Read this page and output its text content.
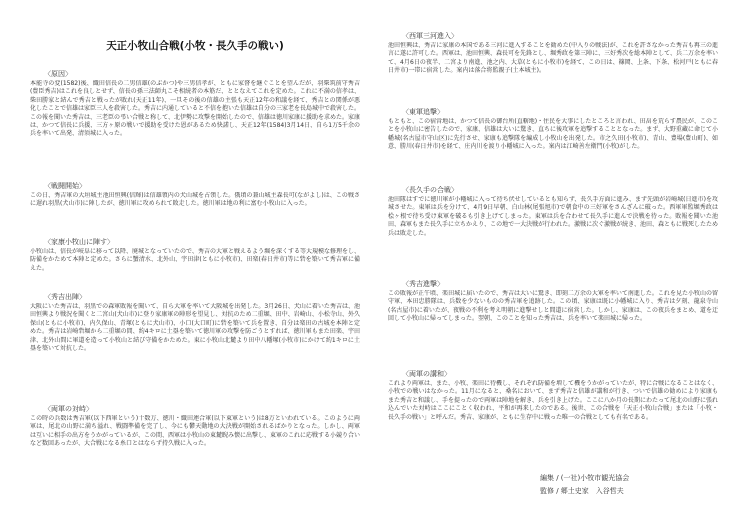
天正小牧山合戦(小牧・長久手の戦い)
〈原因〉
本能寺の変(1582)後、織田信長の二男信雄(のぶかつ)や三男信孝が、ともに家督を継ぐことを望んだが、羽柴筑前守秀吉(豊臣秀吉)はこれを良しとせず、信長の孫三法師丸こそ相続者の本筋だ、ととなえてこれを定めた。これに不満の信孝は、柴田勝家と結んで秀吉と戦ったが敗れ(天正11年)、一旦その後の信雄の主張も天正12年の和議を経て、秀吉との関係が悪化したことで信雄は家臣三人を殺害した。秀吉に内通していると不信を抱いた信雄は自分の三家老を長島城中で殺害した。この報を聞いた秀吉は、三老臣の弔い合戦と称して、北伊勢に攻撃を開始したので、信雄は徳川家康に援助を求めた。家康は、かつて信長に兵援、三方ヶ原の戦いで援助を受けた恩があるため快諾し、天正12年(1584)3月14日、自ら1万5千余の兵を率いて出発、清須城に入った。
〈戦闘開始〉
この日、秀吉軍の大垣城主池田恒興(信輝)は信雄領内の犬山城を占領した。俄頃の兼山城主森長可(ながよし)は、この戦さに遅れ羽黒(犬山市)に陣したが、徳川軍に攻められて敗走した。徳川軍は地の利に富む小牧山に入った。
〈家康小牧山に陣す〉
小牧山は、信長が岐阜に移って以降、廃城となっていたので、秀吉の大軍と戦えるよう堀を深くする等大規模な修理をし、防備をかためて本陣と定めた。さらに蟹清水、北外山、宇田津(ともに小牧市)、田楽(春日井市)等に砦を築いて秀吉軍に備えた。
〈秀吉出陣〉
大阪にいた秀吉は、羽黒での森軍敗報を聞いて、自ら大軍を率いて大阪城を出発した。3月26日、犬山に着いた秀吉は、池田恒興より戦況を聞くと二宮山(犬山市)に登り家康軍の陣形を望見し、対抗のため二重堀、田中、岩崎山、小松寺山、外久保山(ともに小牧市)、内久保山、青塚(ともに犬山市)、小口(大口町)に砦を築いて兵を置き、自分は楽田の古城を本陣と定めた。秀吉は岩崎砦堀から二重堀の間、約4キロに土塁を築いて徳川軍の攻撃を防ごうとすれば、徳川軍もまた田楽、宇田津、北外山間に軍道を造って小牧山と結び守備をかためた。東に小牧山北麓より田中八幡塚(小牧市)にかけて約1キロに土塁を築いて対抗した。
〈両軍の対峙〉
この時の兵数は秀吉軍(以下西軍という)十数万、徳川・織田連合軍(以下東軍という)は8万といわれている。このように両軍は、尾北の山野に満ち溢れ、戦闘準備を完了し、今にも鬱天動地の大決戦が開始されるばかりとなった。しかし、両軍は互いに相手の出方をうかがっているが、この間、西軍は小牧山の東麓睨み懐に出撃し、東軍のこれに応戦する小競り合いなど数回あったが、大合戦になる糸口とはならず持久戦に入った。
〈西軍三河進入〉
池田恒興は、秀吉に家康の本国である三河に進入することを勧めた(中入りの戦法)が、これを許さなかった秀吉も再三の進言に遂に許可した。西軍は、池田恒興、森長可を先鋒とし、堀秀政を第三陣に、三好秀次を総本陣として、兵二万余を率いて、4月6日の夜半、二宮より南進、池之内、大草(ともに小牧市)を経て、この日は、篠岡、上条、下条、松河戸(ともに春日井市)一帯に宿営した。案内は落合将監親子(土本城主)。
〈東軍追撃〉
もともと、この宿営地は、かつて信長の御台所(直轄地)・住民を大事にしたところと言われ、田畠を荒らす農民が、このことを小牧山に密告したので、家康、信雄は大いに驚き、直ちに後攻軍を追撃することとなった。まず、大野重藏に命じて小幡城(名古屋市守山区)に先行させ、家康も追撃隊を編成し小牧山を出発した。市之久田(小牧市)、青山、豊場(豊山町)、如意、勝川(春日井市)を経て、庄内川を渡り小幡城に入った。案内は江崎善左衛門(小牧)がした。
〈長久手の合戦〉
池田隊はすでに徳川軍が小幡城に入って待ち伏せしているとも知らず、長久手方面に進み、まず先頭が岩崎城(日進市)を攻城させた。東軍は兵を分けて、4月9日早朝、白山林(尾張旭市)で朝食中の三好軍をさんざんに破った。西軍軍監堀秀政は桧ヶ根で待ち受け東軍を破るも引き上げてしまった。東軍は兵を合わせて長久手に進んで決戦を待った。敗報を聞いた池田、森軍もまた長久手に立ちかえり、この地で一大決戦が行われた。激戦に次ぐ激戦が続き、池田、森ともに戦死したため兵は敗走した。
〈秀吉進撃〉
この敗報が正午頃、楽田城に届いたので、秀吉は大いに驚き、即刻二万余の大軍を率いて南進した。これを見た小牧山の留守軍、本田忠勝隊は、兵数を少ないものの秀吉軍を追跡した。この頃、家康は既に小幡城に入り、秀吉は夕刻、龍泉寺山(名古屋市)に着いたが、夜戦の不利を考え明朝に進撃せしと間道に宿営した。しかし、家康は、この夜兵をまとめ、道を迂回して小牧山に帰ってしまった。翌朝、このことを知った秀吉は、兵を率いて楽田城に帰った。
〈両軍の講和〉
これより両軍は、また、小牧、楽田に待機し、それぞれ防備を増して機をうかがっていたが、特に合戦になることはなく、小牧での戦いはなかった。11月になると、桑名において、まず秀吉と信雄が講和が行き、ついで信雄の勧めにより家康もまた秀吉と和議し、手を提ったので両軍は陣地を解き、兵を引き上げた。ここに八か月の長期にわたって尾北の山野に張れ込んでいた対峙はここにことく収われ、平和が再来したのである。後世、この合戦を「天正小牧山合戦」または「小牧・長久手の戦い」と呼んだ。秀吉、家康が、ともに生存中に戦った唯一の合戦としても有名である。
編集 / (一社)小牧市観光協会
監修 / 郷土史家　入谷哲夫
